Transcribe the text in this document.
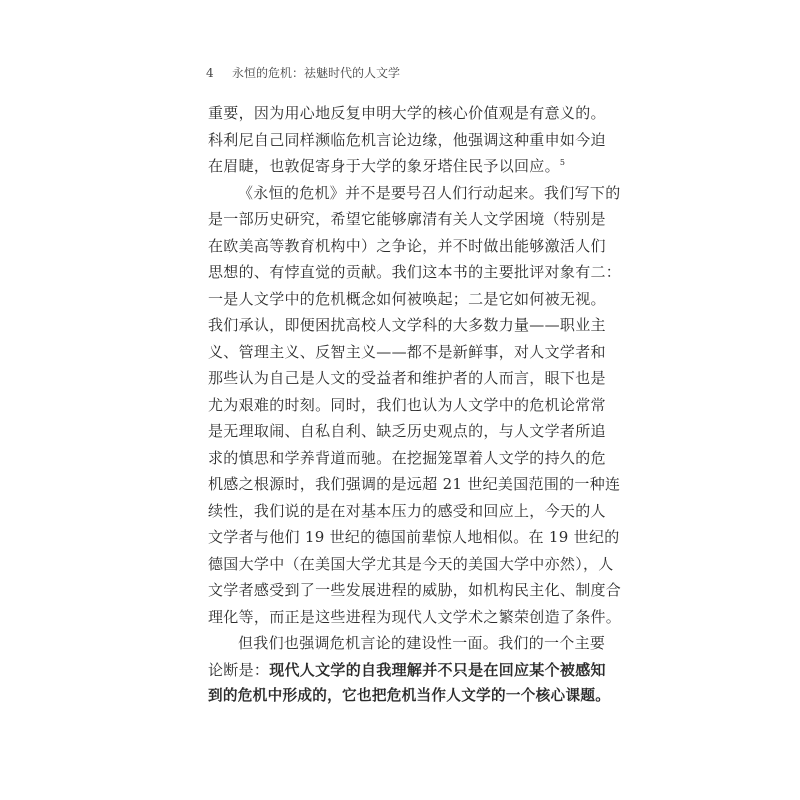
4 永恒的危机：祛魅时代的人文学
重要，因为用心地反复申明大学的核心价值观是有意义的。
科利尼自己同样濒临危机言论边缘，他强调这种重申如今迫
在眉睫，也敦促寄身于大学的象牙塔住民予以回应。$^5$
《永恒的危机》并不是要号召人们行动起来。我们写下的
是一部历史研究，希望它能够廓清有关人文学困境（特别是
在欧美高等教育机构中）之争论，并不时做出能够激活人们
思想的、有悖直觉的贡献。我们这本书的主要批评对象有二：
一是人文学中的危机概念如何被唤起；二是它如何被无视。
我们承认，即便困扰高校人文学科的大多数力量——职业主
义、管理主义、反智主义——都不是新鲜事，对人文学者和
那些认为自己是人文的受益者和维护者的人而言，眼下也是
尤为艰难的时刻。同时，我们也认为人文学中的危机论常常
是无理取闹、自私自利、缺乏历史观点的，与人文学者所追
求的慎思和学养背道而驰。在挖掘笼罩着人文学的持久的危
机感之根源时，我们强调的是远超 21 世纪美国范围的一种连
续性，我们说的是在对基本压力的感受和回应上，今天的人
文学者与他们 19 世纪的德国前辈惊人地相似。在 19 世纪的
德国大学中（在美国大学尤其是今天的美国大学中亦然），人
文学者感受到了一些发展进程的威胁，如机构民主化、制度合
理化等，而正是这些进程为现代人文学术之繁荣创造了条件。
但我们也强调危机言论的建设性一面。我们的一个主要
论断是：现代人文学的自我理解并不只是在回应某个被感知
到的危机中形成的，它也把危机当作人文学的一个核心课题。
